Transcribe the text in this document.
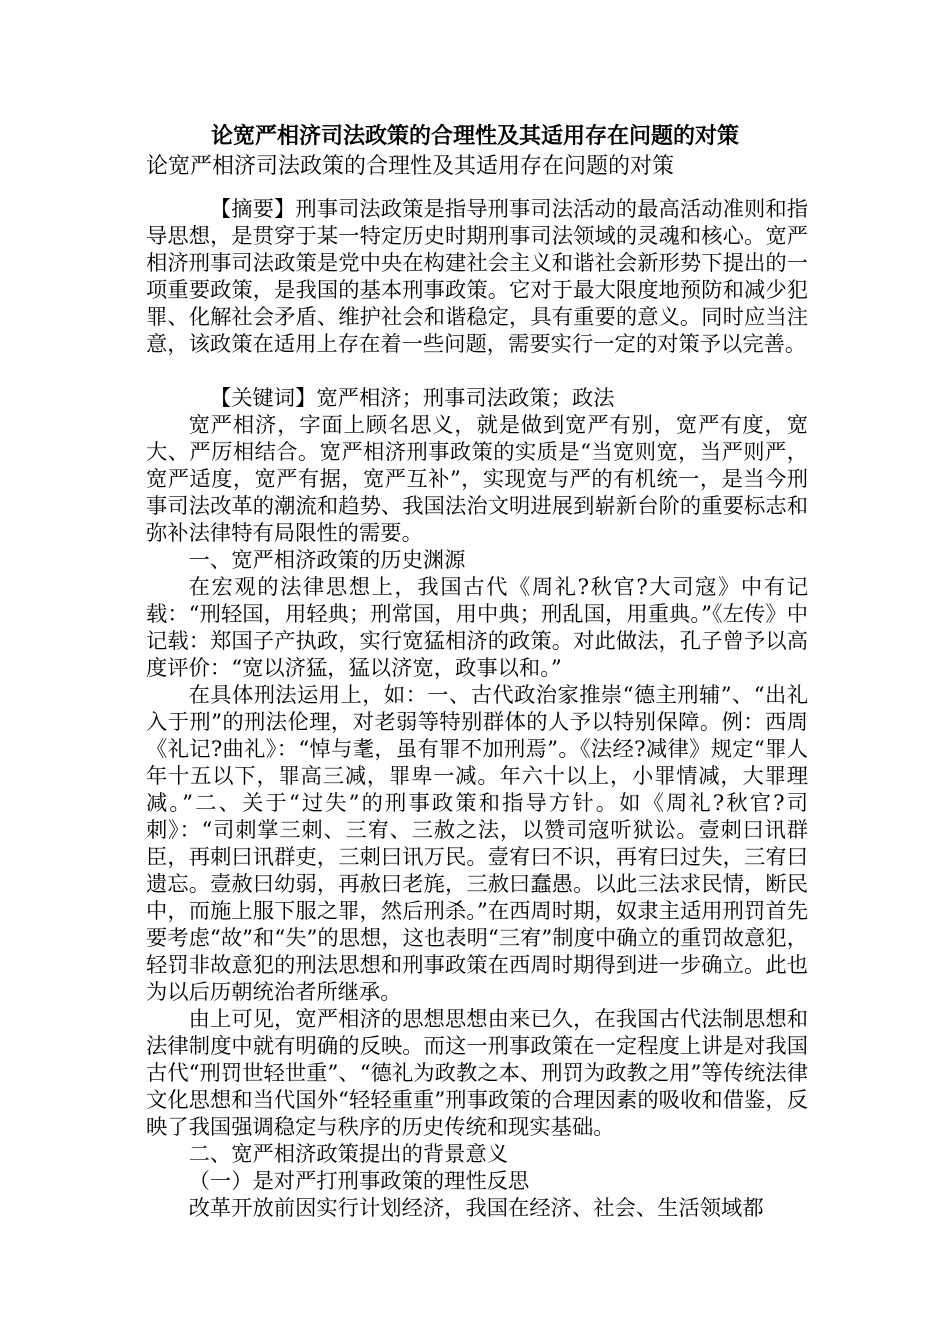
论宽严相济司法政策的合理性及其适用存在问题的对策
论宽严相济司法政策的合理性及其适用存在问题的对策

【摘要】刑事司法政策是指导刑事司法活动的最高活动准则和指导思想，是贯穿于某一特定历史时期刑事司法领域的灵魂和核心。宽严相济刑事司法政策是党中央在构建社会主义和谐社会新形势下提出的一项重要政策，是我国的基本刑事政策。它对于最大限度地预防和减少犯罪、化解社会矛盾、维护社会和谐稳定，具有重要的意义。同时应当注意，该政策在适用上存在着一些问题，需要实行一定的对策予以完善。

【关键词】宽严相济；刑事司法政策；政法

宽严相济，字面上顾名思义，就是做到宽严有别，宽严有度，宽大、严厉相结合。宽严相济刑事政策的实质是“当宽则宽，当严则严，宽严适度，宽严有据，宽严互补”，实现宽与严的有机统一，是当今刑事司法改革的潮流和趋势、我国法治文明进展到崭新台阶的重要标志和弥补法律特有局限性的需要。

一、宽严相济政策的历史渊源

在宏观的法律思想上，我国古代《周礼?秋官?大司寇》中有记载：“刑轻国，用轻典；刑常国，用中典；刑乱国，用重典。”《左传》中记载：郑国子产执政，实行宽猛相济的政策。对此做法，孔子曾予以高度评价：“宽以济猛，猛以济宽，政事以和。”

在具体刑法运用上，如：一、古代政治家推崇“德主刑辅”、“出礼入于刑”的刑法伦理，对老弱等特别群体的人予以特别保障。例：西周《礼记?曲礼》：“悼与耄，虽有罪不加刑焉”。《法经?减律》规定“罪人年十五以下，罪高三减，罪卑一减。年六十以上，小罪情减，大罪理减。”二、关于“过失”的刑事政策和指导方针。如《周礼?秋官?司刺》：“司刺掌三刺、三宥、三赦之法，以赞司寇听狱讼。壹刺曰讯群臣，再刺曰讯群吏，三刺曰讯万民。壹宥曰不识，再宥曰过失，三宥曰遗忘。壹赦曰幼弱，再赦曰老旄，三赦曰蠢愚。以此三法求民情，断民中，而施上服下服之罪，然后刑杀。”在西周时期，奴隶主适用刑罚首先要考虑“故”和“失”的思想，这也表明“三宥”制度中确立的重罚故意犯，轻罚非故意犯的刑法思想和刑事政策在西周时期得到进一步确立。此也为以后历朝统治者所继承。

由上可见，宽严相济的思想思想由来已久，在我国古代法制思想和法律制度中就有明确的反映。而这一刑事政策在一定程度上讲是对我国古代“刑罚世轻世重”、“德礼为政教之本、刑罚为政教之用”等传统法律文化思想和当代国外“轻轻重重”刑事政策的合理因素的吸收和借鉴，反映了我国强调稳定与秩序的历史传统和现实基础。

二、宽严相济政策提出的背景意义

（一）是对严打刑事政策的理性反思

改革开放前因实行计划经济，我国在经济、社会、生活领域都
